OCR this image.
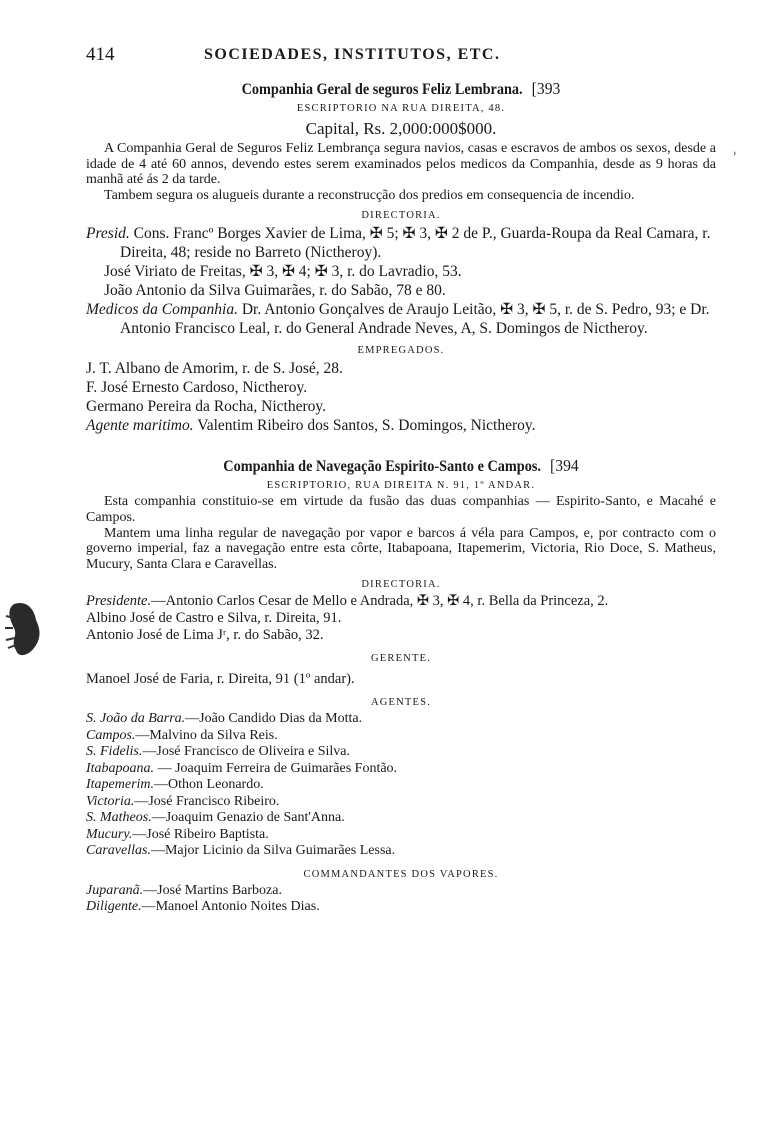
›
414	SOCIEDADES, INSTITUTOS, ETC.
Companhia Geral de seguros Feliz Lembrana. [393
ESCRIPTORIO NA RUA DIREITA, 48.
Capital, Rs. 2,000:000$000.

A Companhia Geral de Seguros Feliz Lembrança segura navios, casas e escravos de ambos os sexos, desde a idade de 4 até 60 annos, devendo estes serem examinados pelos medicos da Companhia, desde as 9 horas da manhã até ás 2 da tarde.

Tambem segura os alugueis durante a reconstrucção dos predios em consequencia de incendio.

DIRECTORIA.

Presid. Cons. Francº Borges Xavier de Lima, ✠ 5; ✠ 3, ✠ 2 de P., Guarda-Roupa da Real Camara, r. Direita, 48; reside no Barreto (Nictheroy).

José Viriato de Freitas, ✠ 3, ✠ 4; ✠ 3, r. do Lavradio, 53.

João Antonio da Silva Guimarães, r. do Sabão, 78 e 80.

Medicos da Companhia. Dr. Antonio Gonçalves de Araujo Leitão, ✠ 3, ✠ 5, r. de S. Pedro, 93; e Dr. Antonio Francisco Leal, r. do General Andrade Neves, A, S. Domingos de Nictheroy.

EMPREGADOS.

J. T. Albano de Amorim, r. de S. José, 28.

F. José Ernesto Cardoso, Nictheroy.

Germano Pereira da Rocha, Nictheroy.

Agente maritimo. Valentim Ribeiro dos Santos, S. Domingos, Nictheroy.

Companhia de Navegação Espirito-Santo e Campos. [394
ESCRIPTORIO, RUA DIREITA N. 91, 1º ANDAR.

Esta companhia constituio-se em virtude da fusão das duas companhias — Espirito-Santo, e Macahé e Campos.

Mantem uma linha regular de navegação por vapor e barcos á véla para Campos, e, por contracto com o governo imperial, faz a navegação entre esta côrte, Itabapoana, Itapemerim, Victoria, Rio Doce, S. Matheus, Mucury, Santa Clara e Caravellas.

DIRECTORIA.

Presidente.—Antonio Carlos Cesar de Mello e Andrada, ✠ 3, ✠ 4, r. Bella da Princeza, 2.

Albino José de Castro e Silva, r. Direita, 91.

Antonio José de Lima Jʳ, r. do Sabão, 32.

GERENTE.

Manoel José de Faria, r. Direita, 91 (1º andar).

AGENTES.

S. João da Barra.—João Candido Dias da Motta.

Campos.—Malvino da Silva Reis.

S. Fidelis.—José Francisco de Oliveira e Silva.

Itabapoana. — Joaquim Ferreira de Guimarães Fontão.

Itapemerim.—Othon Leonardo.

Victoria.—José Francisco Ribeiro.

S. Matheos.—Joaquim Genazio de Sant'Anna.

Mucury.—José Ribeiro Baptista.

Caravellas.—Major Licinio da Silva Guimarães Lessa.

COMMANDANTES DOS VAPORES.

Juparanã.—José Martins Barboza.

Diligente.—Manoel Antonio Noites Dias.
